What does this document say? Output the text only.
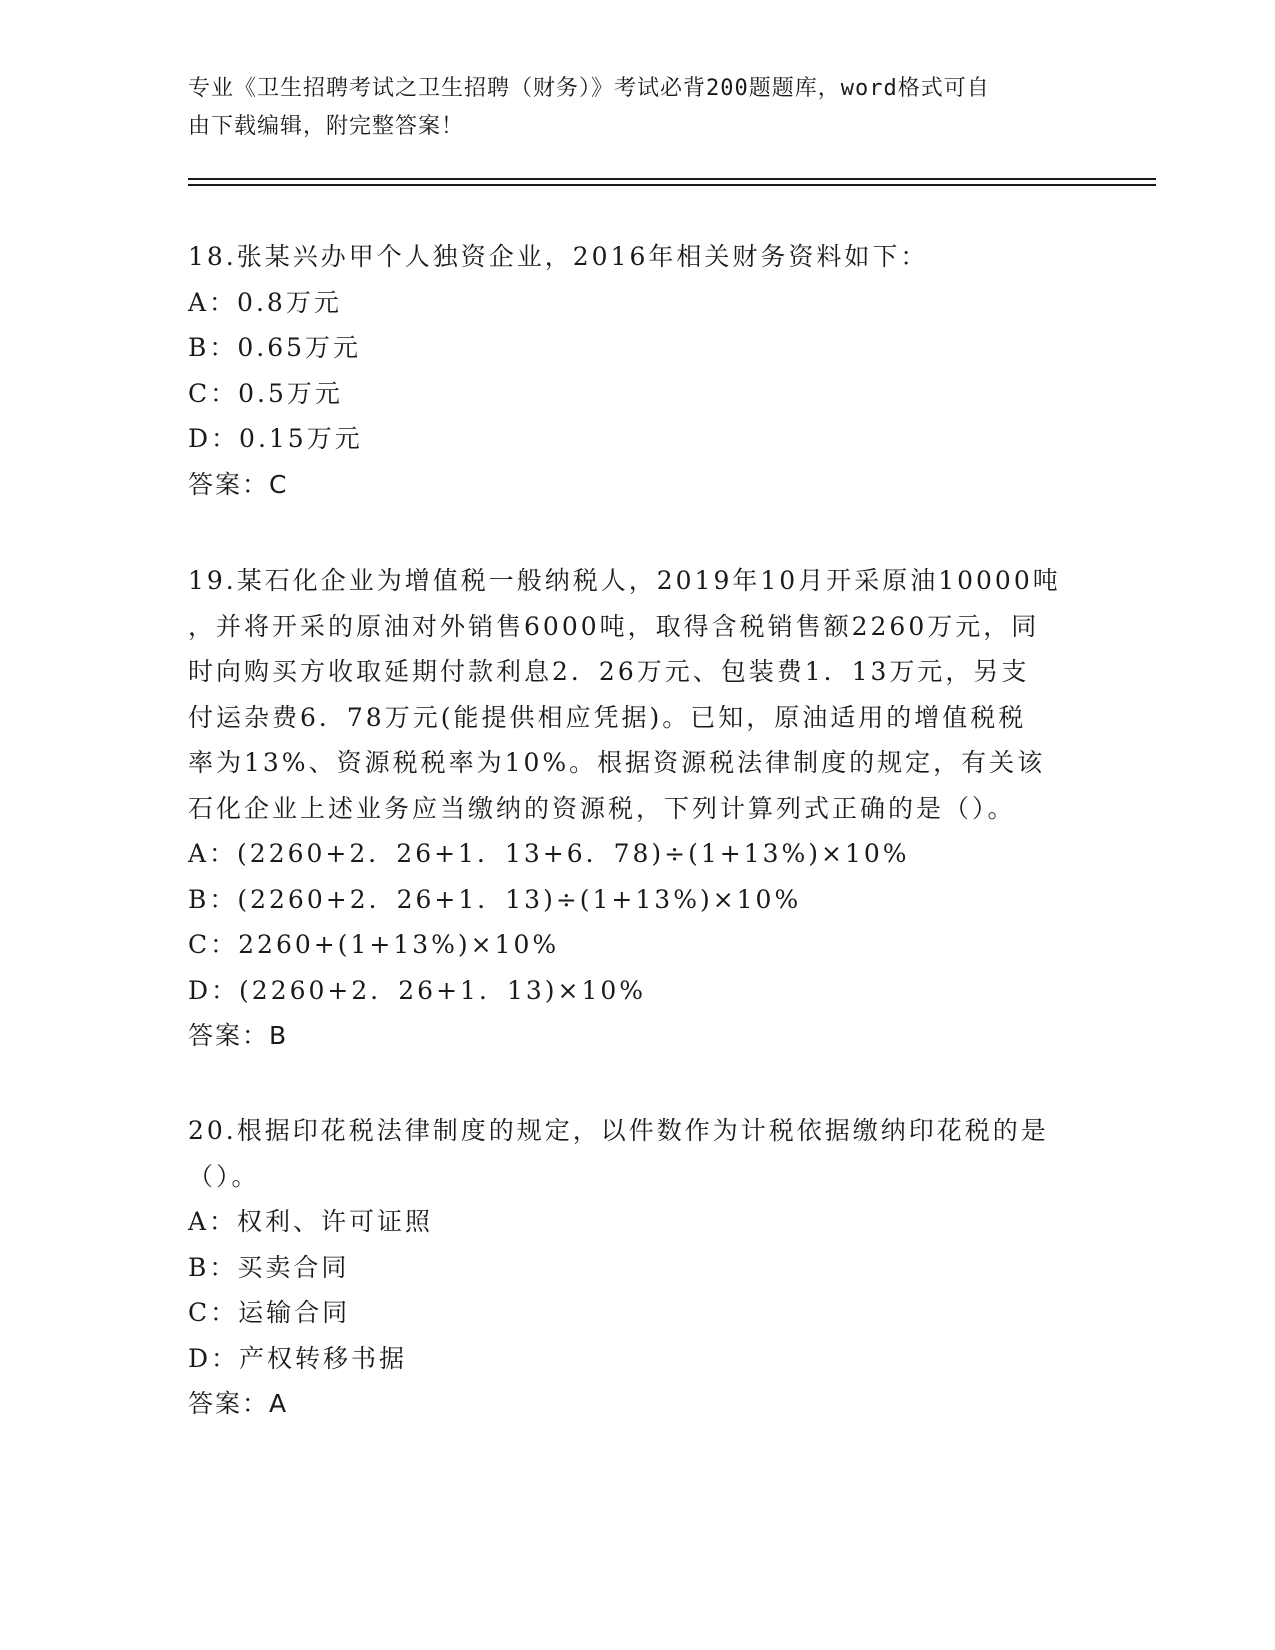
专业《卫生招聘考试之卫生招聘（财务）》考试必背200题题库，word格式可自
由下载编辑，附完整答案！
18.张某兴办甲个人独资企业，2016年相关财务资料如下：
A：0.8万元
B：0.65万元
C：0.5万元
D：0.15万元
答案：C
19.某石化企业为增值税一般纳税人，2019年10月开采原油10000吨
，并将开采的原油对外销售6000吨，取得含税销售额2260万元，同
时向购买方收取延期付款利息2．26万元、包装费1．13万元，另支
付运杂费6．78万元(能提供相应凭据)。已知，原油适用的增值税税
率为13%、资源税税率为10%。根据资源税法律制度的规定，有关该
石化企业上述业务应当缴纳的资源税，下列计算列式正确的是（）。
A：(2260+2．26+1．13+6．78)÷(1+13%)×10%
B：(2260+2．26+1．13)÷(1+13%)×10%
C：2260+(1+13%)×10%
D：(2260+2．26+1．13)×10%
答案：B
20.根据印花税法律制度的规定，以件数作为计税依据缴纳印花税的是
（）。
A：权利、许可证照
B：买卖合同
C：运输合同
D：产权转移书据
答案：A
